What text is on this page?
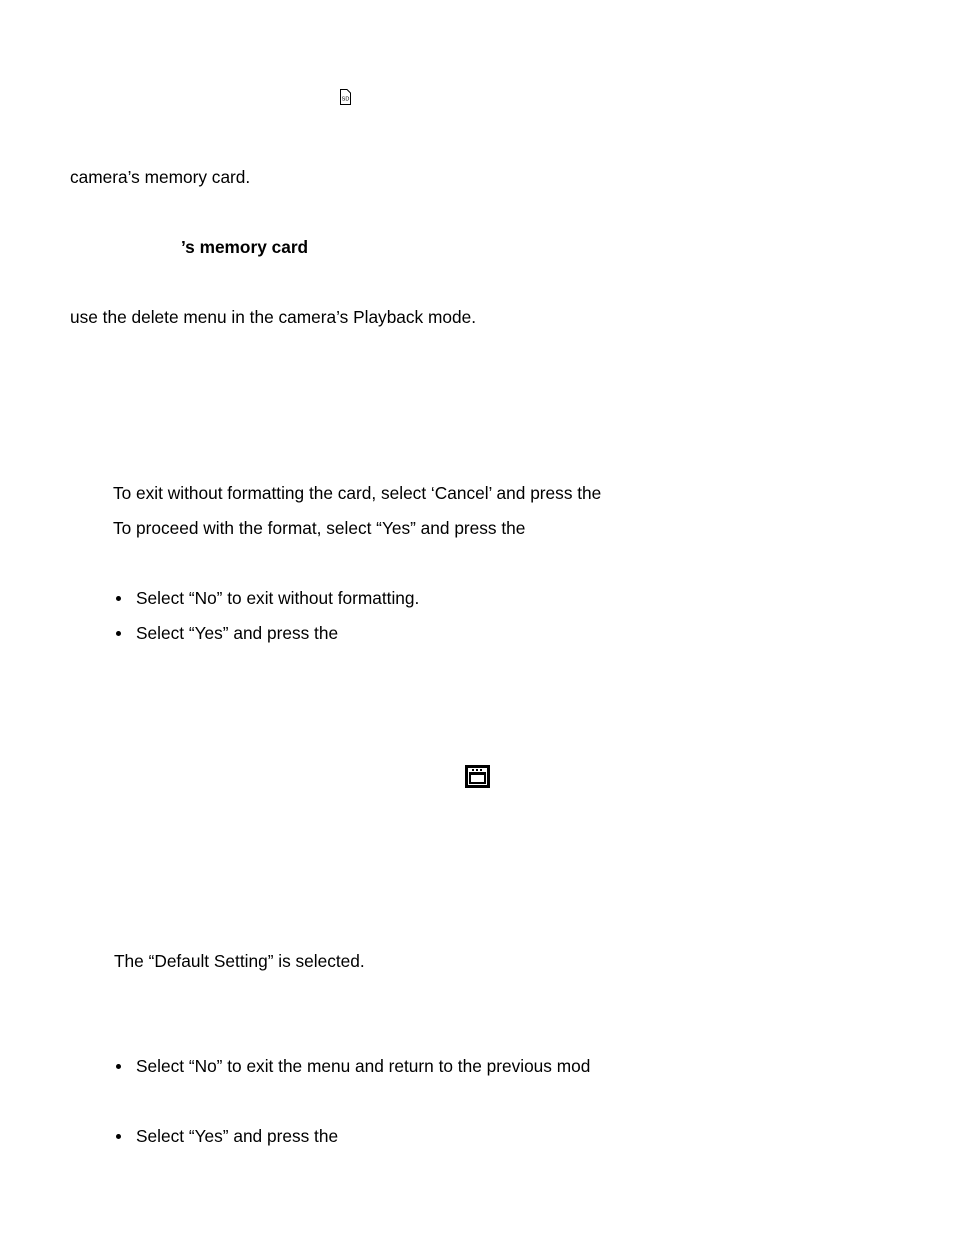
SD
camera’s memory card.
’s memory card
use the delete menu in the camera’s Playback mode.
To exit without formatting the card, select ‘Cancel’ and press the
To proceed with the format, select “Yes” and press the
Select “No” to exit without formatting.
Select “Yes” and press the
The “Default Setting” is selected.
Select “No” to exit the menu and return to the previous mod
Select “Yes” and press the
